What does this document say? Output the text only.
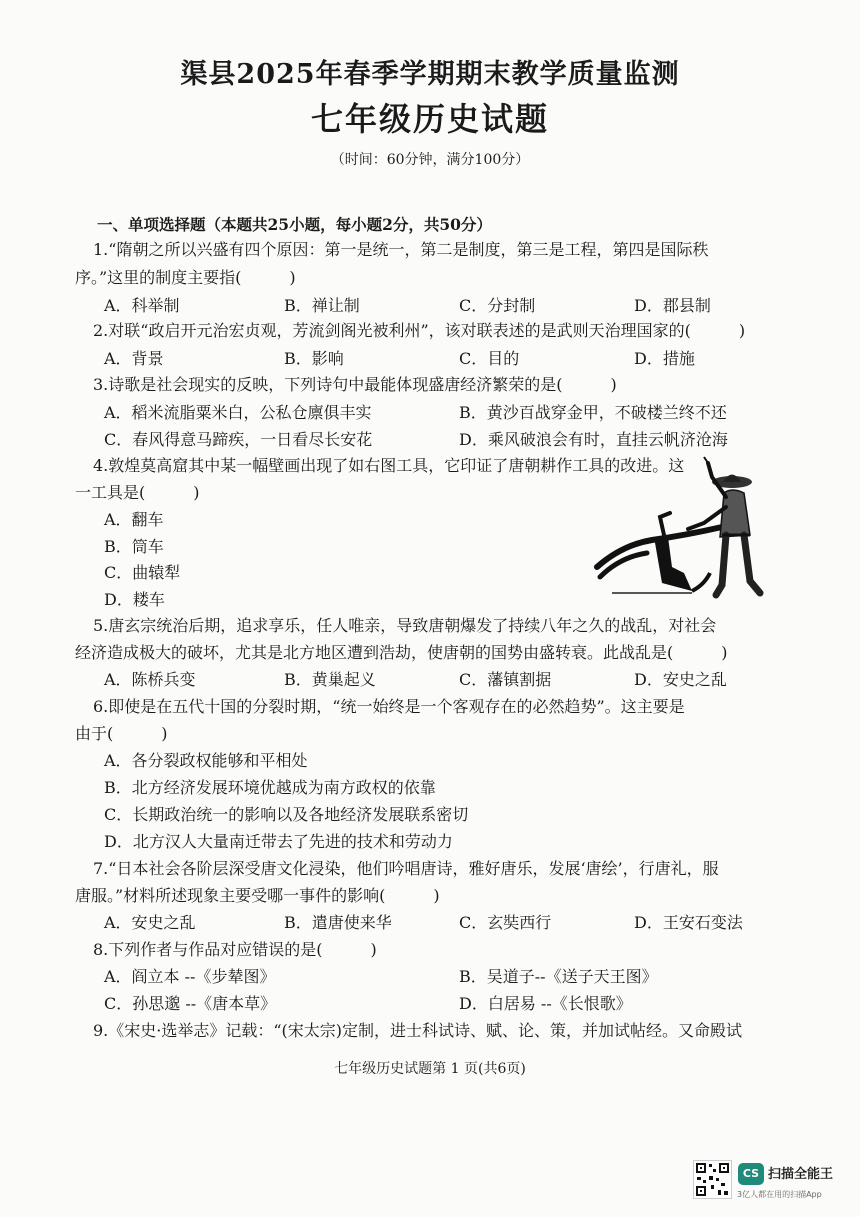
渠县2025年春季学期期末教学质量监测
七年级历史试题
（时间：60分钟，满分100分）
一、单项选择题（本题共25小题，每小题2分，共50分）
1.“隋朝之所以兴盛有四个原因：第一是统一，第二是制度，第三是工程，第四是国际秩
序。”这里的制度主要指(　　　)
A．科举制	B．禅让制	C．分封制	D．郡县制
2.对联“政启开元治宏贞观，芳流剑阁光被利州”，该对联表述的是武则天治理国家的(　　　)
A．背景	B．影响	C．目的	D．措施
3.诗歌是社会现实的反映，下列诗句中最能体现盛唐经济繁荣的是(　　　)
A．稻米流脂粟米白，公私仓廪俱丰实	B．黄沙百战穿金甲，不破楼兰终不还
C．春风得意马蹄疾，一日看尽长安花	D．乘风破浪会有时，直挂云帆济沧海
4.敦煌莫高窟其中某一幅壁画出现了如右图工具，它印证了唐朝耕作工具的改进。这
一工具是(　　　)
A．翻车
B．筒车
C．曲辕犁
D．耧车
5.唐玄宗统治后期，追求享乐，任人唯亲，导致唐朝爆发了持续八年之久的战乱，对社会
经济造成极大的破坏，尤其是北方地区遭到浩劫，使唐朝的国势由盛转衰。此战乱是(　　　)
A．陈桥兵变	B．黄巢起义	C．藩镇割据	D．安史之乱
6.即使是在五代十国的分裂时期，“统一始终是一个客观存在的必然趋势”。这主要是
由于(　　　)
A．各分裂政权能够和平相处
B．北方经济发展环境优越成为南方政权的依靠
C．长期政治统一的影响以及各地经济发展联系密切
D．北方汉人大量南迁带去了先进的技术和劳动力
7.“日本社会各阶层深受唐文化浸染，他们吟唱唐诗，雅好唐乐，发展‘唐绘’，行唐礼，服
唐服。”材料所述现象主要受哪一事件的影响(　　　)
A．安史之乱	B．遣唐使来华	C．玄奘西行	D．王安石变法
8.下列作者与作品对应错误的是(　　　)
A．阎立本 --《步辇图》	B．吴道子--《送子天王图》
C．孙思邈 --《唐本草》	D．白居易 --《长恨歌》
9.《宋史·选举志》记载：“(宋太宗)定制，进士科试诗、赋、论、策，并加试帖经。又命殿试
七年级历史试题第 1 页(共6页)
CS 扫描全能王
3亿人都在用的扫描App
